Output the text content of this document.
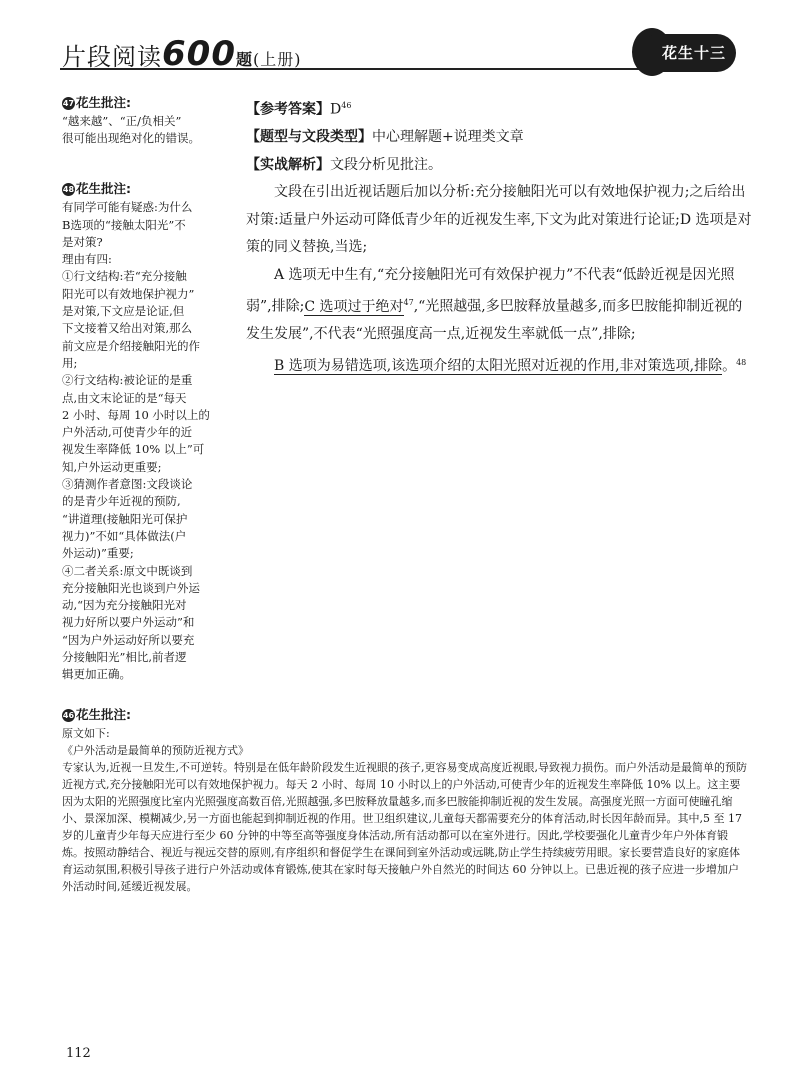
片段阅读600题(上册)	花生十三
47 花生批注:

“越来越”、“正/负相关”

很可能出现绝对化的错误。

48 花生批注:

有同学可能有疑惑:为什么

B选项的“接触太阳光”不

是对策?

理由有四:

①行文结构:若“充分接触

阳光可以有效地保护视力”

是对策,下文应是论证,但

下文接着又给出对策,那么

前文应是介绍接触阳光的作

用;

②行文结构:被论证的是重

点,由文末论证的是“每天

2 小时、每周 10 小时以上的

户外活动,可使青少年的近

视发生率降低 10% 以上”可

知,户外运动更重要;

③猜测作者意图:文段谈论

的是青少年近视的预防,

“讲道理(接触阳光可保护

视力)”不如“具体做法(户

外运动)”重要;

④二者关系:原文中既谈到

充分接触阳光也谈到户外运

动,“因为充分接触阳光对

视力好所以要户外运动”和

“因为户外运动好所以要充

分接触阳光”相比,前者逻

辑更加正确。

【参考答案】$D^{46}$

【题型与文段类型】中心理解题+说理类文章

【实战解析】文段分析见批注。

文段在引出近视话题后加以分析:充分接触阳光可以有效地保护视力;之后给出对策:适量户外运动可降低青少年的近视发生率,下文为此对策进行论证;D 选项是对策的同义替换,当选;

A 选项无中生有,“充分接触阳光可有效保护视力”不代表“低龄近视是因光照弱”,排除;C 选项过于绝对$^{47}$,“光照越强,多巴胺释放量越多,而多巴胺能抑制近视的发生发展”,不代表“光照强度高一点,近视发生率就低一点”,排除;

B 选项为易错选项,该选项介绍的太阳光照对近视的作用,非对策选项,排除。$^{48}$

46 花生批注:

原文如下:

《户外活动是最简单的预防近视方式》

专家认为,近视一旦发生,不可逆转。特别是在低年龄阶段发生近视眼的孩子,更容易变成高度近视眼,导致视力损伤。而户外活动是最简单的预防近视方式,充分接触阳光可以有效地保护视力。每天 2 小时、每周 10 小时以上的户外活动,可使青少年的近视发生率降低 10% 以上。这主要因为太阳的光照强度比室内光照强度高数百倍,光照越强,多巴胺释放量越多,而多巴胺能抑制近视的发生发展。高强度光照一方面可使瞳孔缩小、景深加深、模糊减少,另一方面也能起到抑制近视的作用。世卫组织建议,儿童每天都需要充分的体育活动,时长因年龄而异。其中,5 至 17 岁的儿童青少年每天应进行至少 60 分钟的中等至高等强度身体活动,所有活动都可以在室外进行。因此,学校要强化儿童青少年户外体育锻炼。按照动静结合、视近与视远交替的原则,有序组织和督促学生在课间到室外活动或远眺,防止学生持续疲劳用眼。家长要营造良好的家庭体育运动氛围,积极引导孩子进行户外活动或体育锻炼,使其在家时每天接触户外自然光的时间达 60 分钟以上。已患近视的孩子应进一步增加户外活动时间,延缓近视发展。

112
